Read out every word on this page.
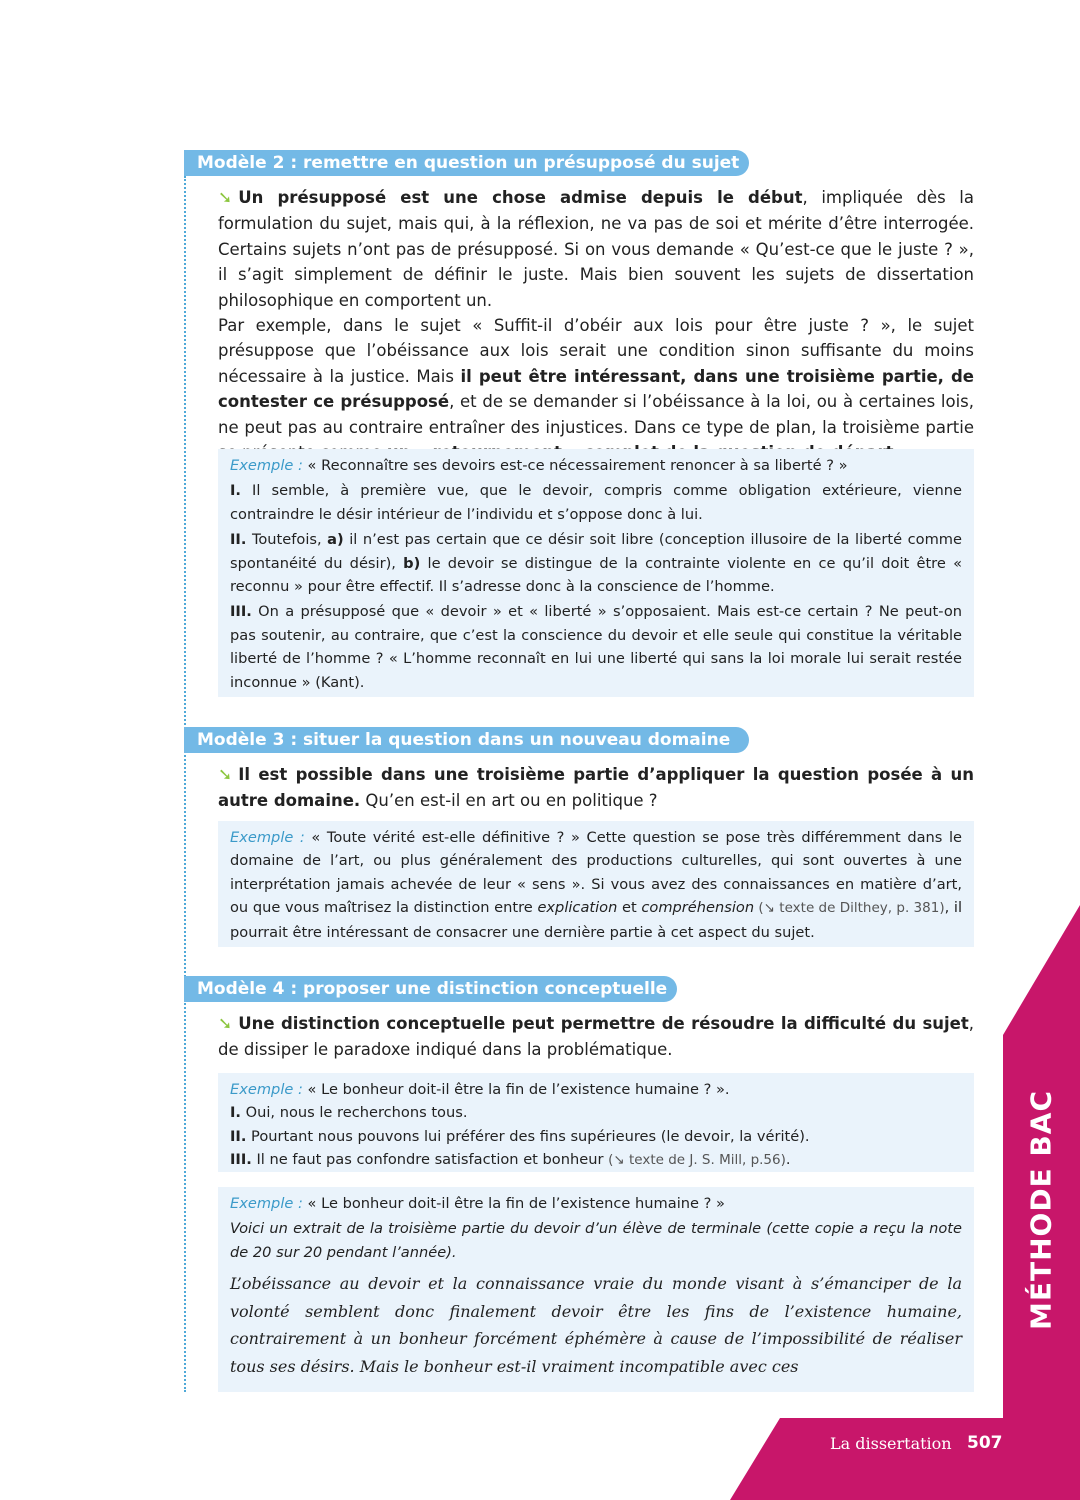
MÉTHODE BAC
La dissertation 507
Modèle 2 : remettre en question un présupposé du sujet

➘ Un présupposé est une chose admise depuis le début, impliquée dès la formulation du sujet, mais qui, à la réflexion, ne va pas de soi et mérite d’être interrogée. Certains sujets n’ont pas de présupposé. Si on vous demande « Qu’est-ce que le juste ? », il s’agit simplement de définir le juste. Mais bien souvent les sujets de dissertation philosophique en comportent un.

Par exemple, dans le sujet « Suffit-il d’obéir aux lois pour être juste ? », le sujet présuppose que l’obéissance aux lois serait une condition sinon suffisante du moins nécessaire à la justice. Mais il peut être intéressant, dans une troisième partie, de contester ce présupposé, et de se demander si l’obéissance à la loi, ou à certaines lois, ne peut pas au contraire entraîner des injustices. Dans ce type de plan, la troisième partie

Exemple : « Reconnaître ses devoirs est-ce nécessairement renoncer à sa liberté ? »

I. Il semble, à première vue, que le devoir, compris comme obligation extérieure, vienne contraindre le désir intérieur de l’individu et s’oppose donc à lui.

II. Toutefois, a) il n’est pas certain que ce désir soit libre (conception illusoire de la liberté comme spontanéité du désir), b) le devoir se distingue de la contrainte violente en ce qu’il doit être « reconnu » pour être effectif. Il s’adresse donc à la conscience de l’homme.

III. On a présupposé que « devoir » et « liberté » s’opposaient. Mais est-ce certain ? Ne peut-on pas soutenir, au contraire, que c’est la conscience du devoir et elle seule qui constitue la véritable liberté de l’homme ? « L’homme reconnaît en lui une liberté qui sans la loi morale lui serait restée inconnue » (Kant).

Modèle 3 : situer la question dans un nouveau domaine

➘ Il est possible dans une troisième partie d’appliquer la question posée à un autre domaine. Qu’en est-il en art ou en politique ?

Exemple : « Toute vérité est-elle définitive ? » Cette question se pose très différemment dans le domaine de l’art, ou plus généralement des productions culturelles, qui sont ouvertes à une interprétation jamais achevée de leur « sens ». Si vous avez des connaissances en matière d’art, ou que vous maîtrisez la distinction entre explication et compréhension (↘ texte de Dilthey, p. 381), il pourrait être intéressant de consacrer une dernière partie à cet aspect du sujet.

Modèle 4 : proposer une distinction conceptuelle

➘ Une distinction conceptuelle peut permettre de résoudre la difficulté du sujet, de dissiper le paradoxe indiqué dans la problématique.

Exemple : « Le bonheur doit-il être la fin de l’existence humaine ? ».

I. Oui, nous le recherchons tous.

II. Pourtant nous pouvons lui préférer des fins supérieures (le devoir, la vérité).

III. Il ne faut pas confondre satisfaction et bonheur (↘ texte de J. S. Mill, p.56).

Exemple : « Le bonheur doit-il être la fin de l’existence humaine ? »

Voici un extrait de la troisième partie du devoir d’un élève de terminale (cette copie a reçu la note de 20 sur 20 pendant l’année).

L’obéissance au devoir et la connaissance vraie du monde visant à s’émanciper de la volonté semblent donc finalement devoir être les fins de l’existence humaine, contrairement à un bonheur forcément éphémère à cause de l’impossibilité de réaliser tous ses désirs. Mais le bonheur est-il vraiment incompatible avec ces
